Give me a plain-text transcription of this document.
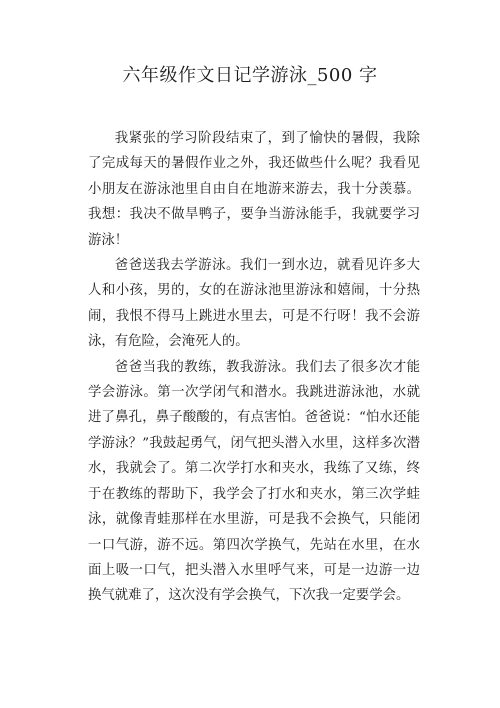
六年级作文日记学游泳_500 字

我紧张的学习阶段结束了，到了愉快的暑假，我除了完成每天的暑假作业之外，我还做些什么呢？我看见小朋友在游泳池里自由自在地游来游去，我十分羡慕。我想：我决不做旱鸭子，要争当游泳能手，我就要学习游泳！

爸爸送我去学游泳。我们一到水边，就看见许多大人和小孩，男的，女的在游泳池里游泳和嬉闹，十分热闹，我恨不得马上跳进水里去，可是不行呀！我不会游泳，有危险，会淹死人的。

爸爸当我的教练，教我游泳。我们去了很多次才能学会游泳。第一次学闭气和潜水。我跳进游泳池，水就进了鼻孔，鼻子酸酸的，有点害怕。爸爸说：“怕水还能学游泳？”我鼓起勇气，闭气把头潜入水里，这样多次潜水，我就会了。第二次学打水和夹水，我练了又练，终于在教练的帮助下，我学会了打水和夹水，第三次学蛙泳，就像青蛙那样在水里游，可是我不会换气，只能闭一口气游，游不远。第四次学换气，先站在水里，在水面上吸一口气，把头潜入水里呼气来，可是一边游一边换气就难了，这次没有学会换气，下次我一定要学会。
